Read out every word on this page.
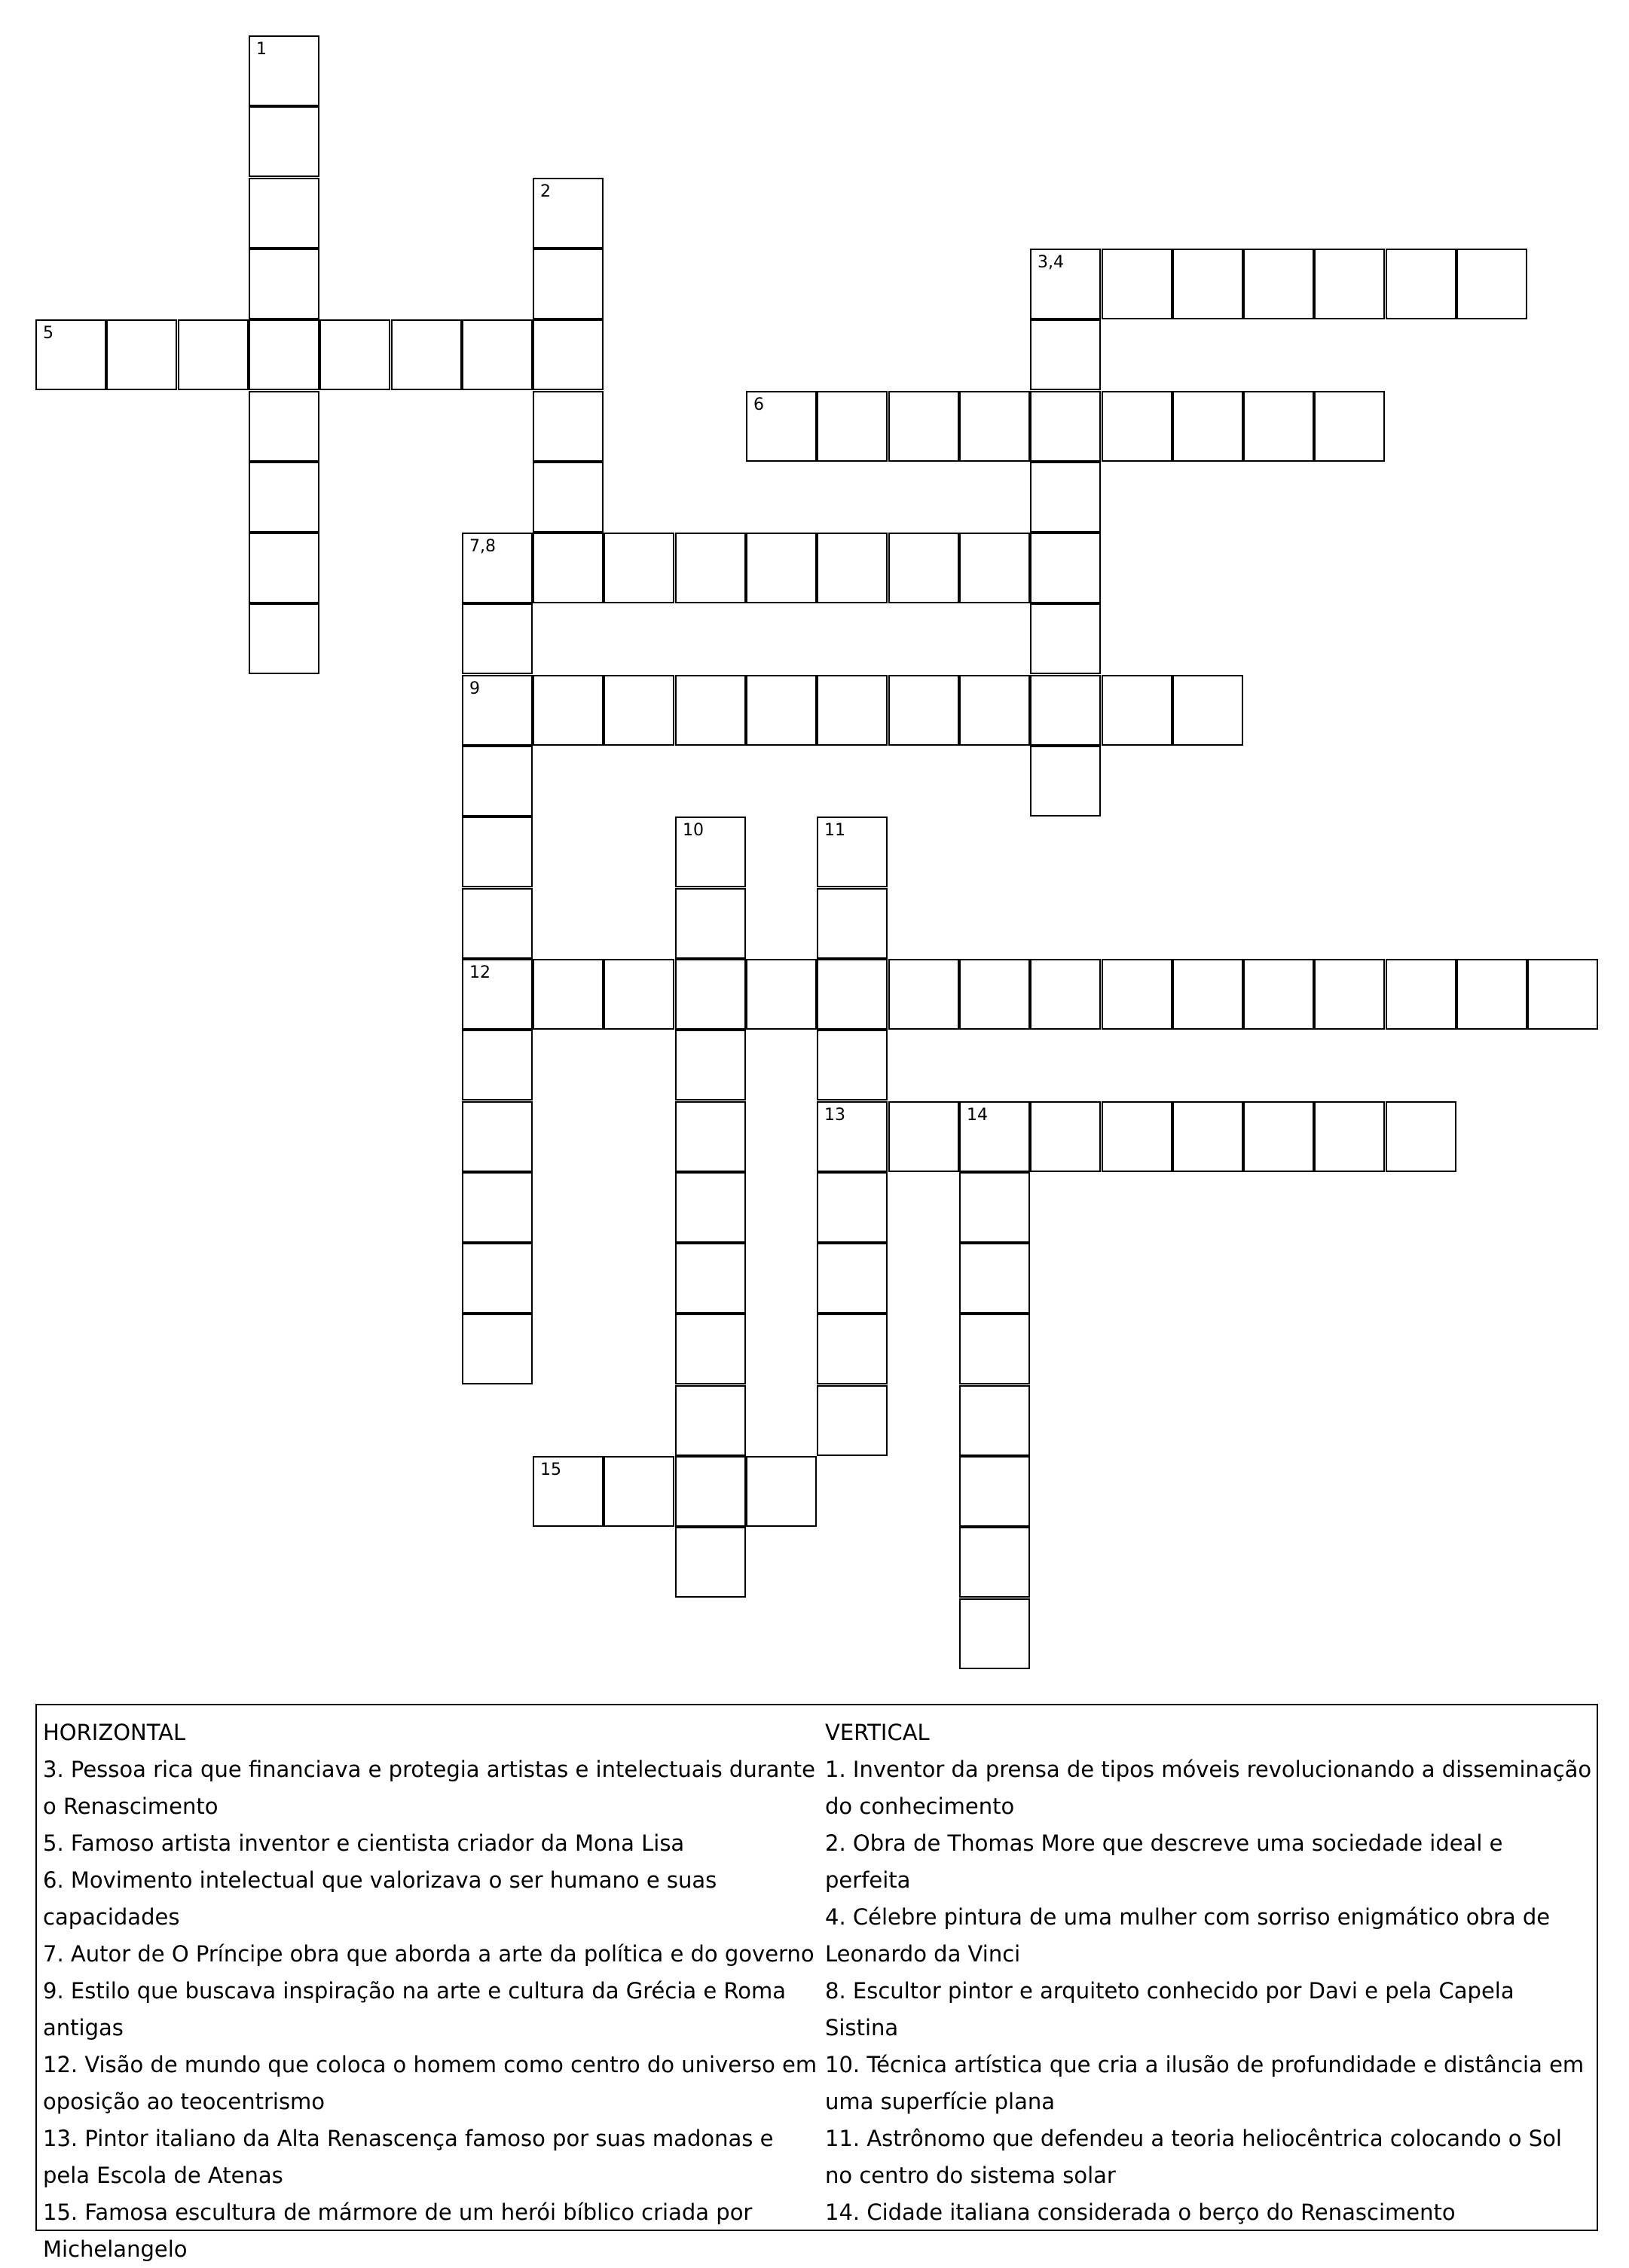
1
2
3,4
5
6
7,8
9
10	11
12
13	14
15

HORIZONTAL

3. Pessoa rica que financiava e protegia artistas e intelectuais durante o Renascimento

5. Famoso artista inventor e cientista criador da Mona Lisa

6. Movimento intelectual que valorizava o ser humano e suas capacidades

7. Autor de O Príncipe obra que aborda a arte da política e do governo

9. Estilo que buscava inspiração na arte e cultura da Grécia e Roma antigas

12. Visão de mundo que coloca o homem como centro do universo em oposição ao teocentrismo

13. Pintor italiano da Alta Renascença famoso por suas madonas e pela Escola de Atenas

15. Famosa escultura de mármore de um herói bíblico criada por Michelangelo

VERTICAL

1. Inventor da prensa de tipos móveis revolucionando a disseminação do conhecimento

2. Obra de Thomas More que descreve uma sociedade ideal e perfeita

4. Célebre pintura de uma mulher com sorriso enigmático obra de Leonardo da Vinci

8. Escultor pintor e arquiteto conhecido por Davi e pela Capela Sistina

10. Técnica artística que cria a ilusão de profundidade e distância em uma superfície plana

11. Astrônomo que defendeu a teoria heliocêntrica colocando o Sol no centro do sistema solar

14. Cidade italiana considerada o berço do Renascimento
